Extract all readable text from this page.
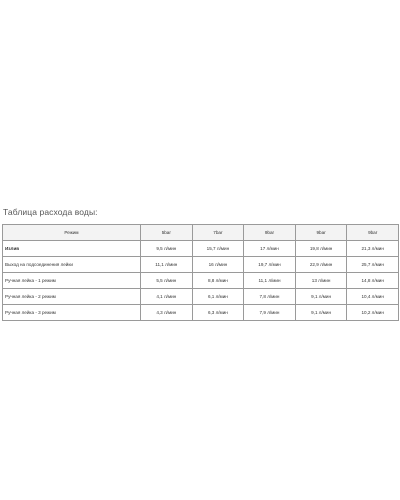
Таблица расхода воды:
Режим	5bar	7bar	9bar	9bar	9bar
Излив	9,5 л/мин	15,7 л/мин	17 л/мин	19,8 л/мин	21,3 л/мин
Выход на подсоединения лейки	11,1 л/мин	16 л/мин	19,7 л/мин	22,9 л/мин	25,7 л/мин
Ручная лейка - 1 режим	5,5 л/мин	8,8 л/мин	11,1 л/мин	13 л/мин	14,8 л/мин
Ручная лейка - 2 режим	4,1 л/мин	6,1 л/мин	7,8 л/мин	9,1 л/мин	10,4 л/мин
Ручная лейка - 3 режим	4,3 л/мин	6,3 л/мин	7,9 л/мин	9,1 л/мин	10,2 л/мин
